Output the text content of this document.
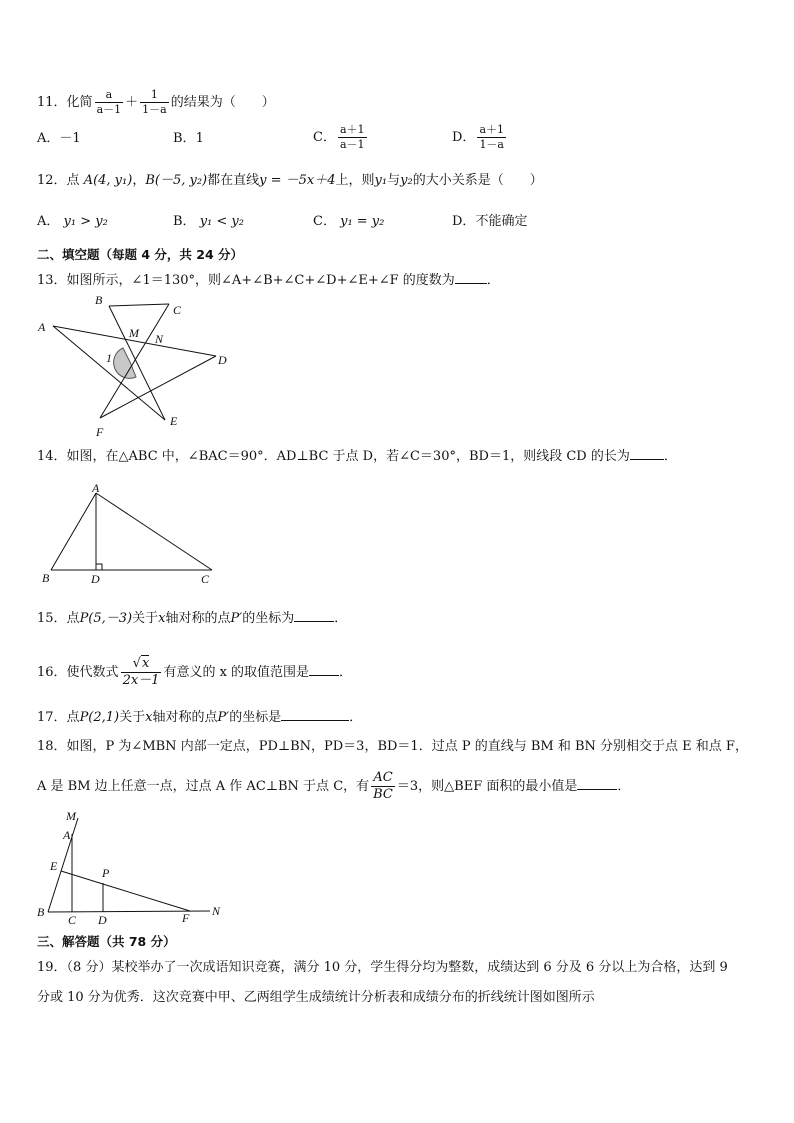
11．化简 $\frac{a}{a-1} + \frac{1}{1-a}$ 的结果为（　　）
A．－1	B．1	C． $\frac{a+1}{a-1}$	D． $\frac{a+1}{1-a}$
12．点 A(4, y₁)，B(－5, y₂)都在直线y = －5x＋4上，则y₁与y₂的大小关系是（　　）
A． y₁ > y₂	B． y₁ < y₂	C． y₁ = y₂	D．不能确定
二、填空题（每题 4 分，共 24 分）
13．如图所示，∠1＝130°，则∠A+∠B+∠C+∠D+∠E+∠F 的度数为 ．
A
B
C
D
E
F
M N
1
14．如图，在△ABC 中，∠BAC＝90°．AD⊥BC 于点 D，若∠C＝30°，BD＝1，则线段 CD 的长为	．
A
B	C
D
15．点P(5,－3)关于x轴对称的点P′的坐标为	．
16．使代数式 $\frac{√x}{2x-1}$ 有意义的 x 的取值范围是 ．
17．点P(2,1)关于x轴对称的点P′的坐标是	．
18．如图，P 为∠MBN 内部一定点，PD⊥BN，PD＝3，BD＝1．过点 P 的直线与 BM 和 BN 分别相交于点 E 和点 F，
A 是 BM 边上任意一点，过点 A 作 AC⊥BN 于点 C，有 $\frac{AC}{BC} =3$，则△BEF 面积的最小值是	．
M
A
E	P
B
C D	F N
三、解答题（共 78 分）
19．（8 分）某校举办了一次成语知识竞赛，满分 10 分，学生得分均为整数，成绩达到 6 分及 6 分以上为合格，达到 9
分或 10 分为优秀．这次竞赛中甲、乙两组学生成绩统计分析表和成绩分布的折线统计图如图所示
